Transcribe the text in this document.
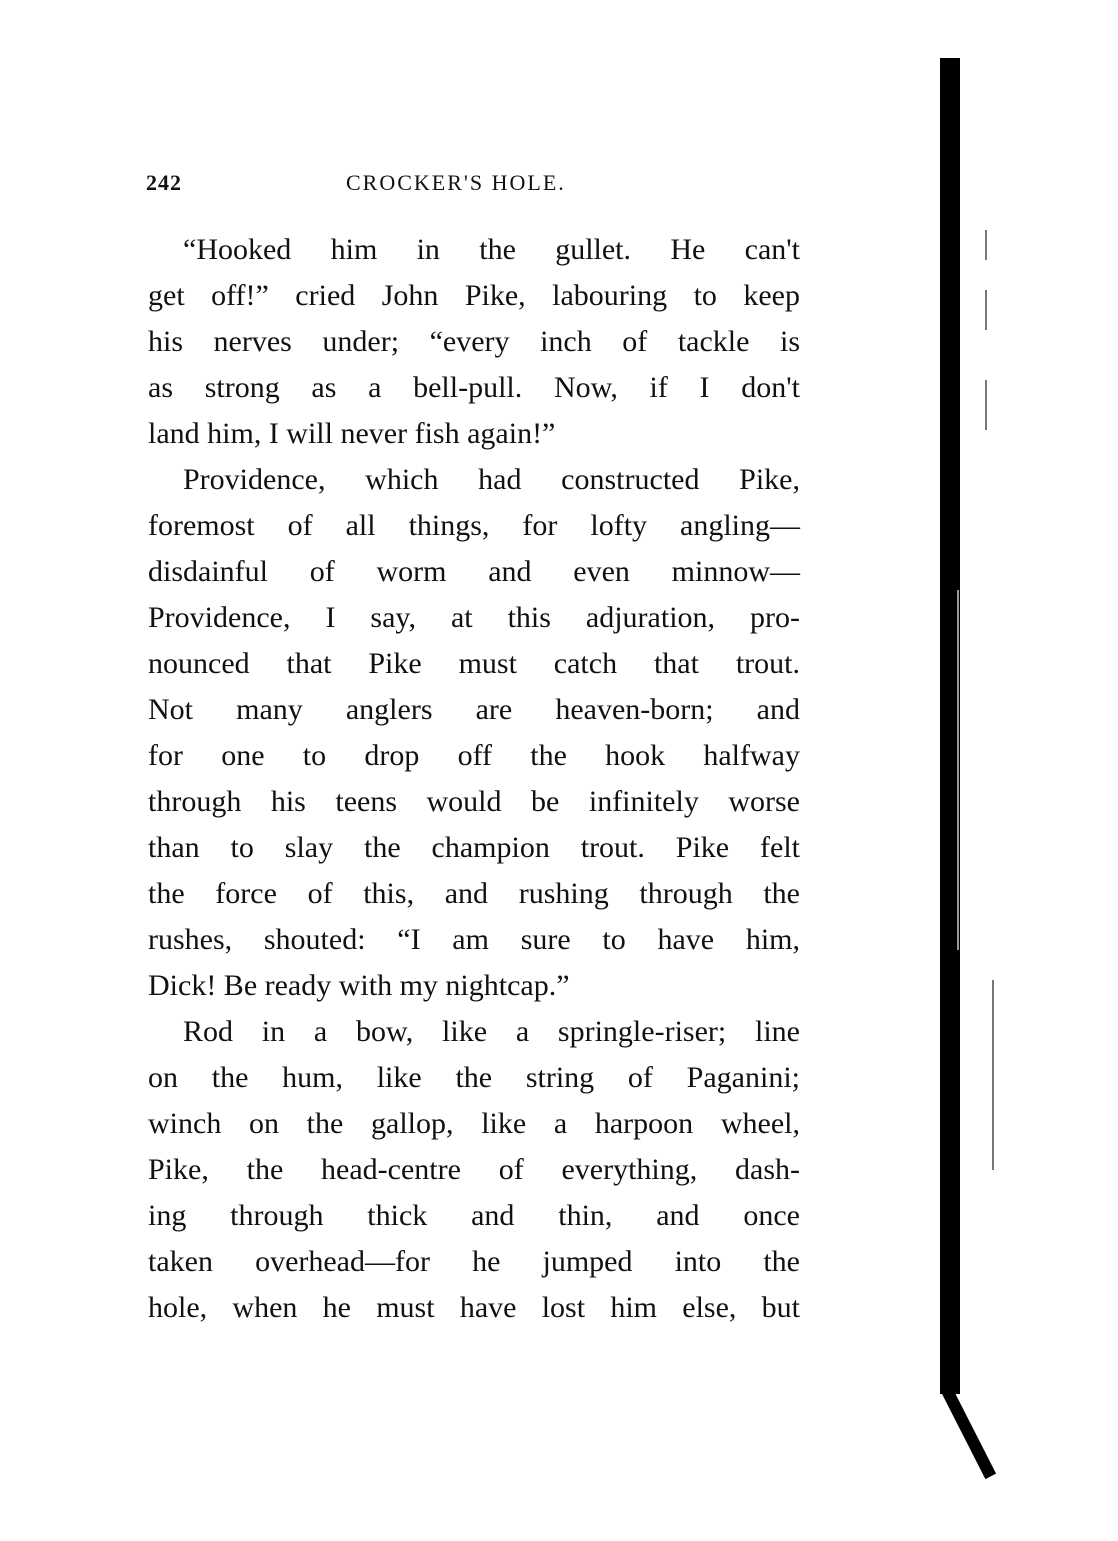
242	CROCKER'S HOLE.
“Hooked him in the gullet. He can't
get off!” cried John Pike, labouring to keep
his nerves under; “every inch of tackle is
as strong as a bell-pull. Now, if I don't
land him, I will never fish again!”
Providence, which had constructed Pike,
foremost of all things, for lofty angling—
disdainful of worm and even minnow—
Providence, I say, at this adjuration, pro-
nounced that Pike must catch that trout.
Not many anglers are heaven-born; and
for one to drop off the hook halfway
through his teens would be infinitely worse
than to slay the champion trout. Pike felt
the force of this, and rushing through the
rushes, shouted: “I am sure to have him,
Dick! Be ready with my nightcap.”
Rod in a bow, like a springle-riser; line
on the hum, like the string of Paganini;
winch on the gallop, like a harpoon wheel,
Pike, the head-centre of everything, dash-
ing through thick and thin, and once
taken overhead—for he jumped into the
hole, when he must have lost him else, but
